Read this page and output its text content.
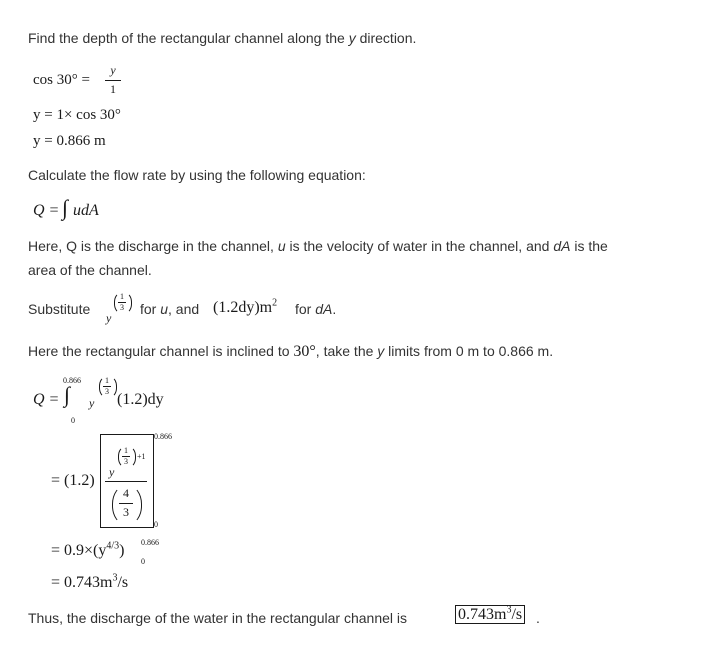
Find the depth of the rectangular channel along the y direction.
cos 30° =
y
1
y = 1× cos 30°
y = 0.866 m
Calculate the flow rate by using the following equation:
Q = ∫ udA
Here, Q is the discharge in the channel, u is the velocity of water in the channel, and dA is the
area of the channel.
Substitute
y
1
3 for u, and $(1.2dy)m^2$ for dA.
Here the rectangular channel is inclined to 30°, take the y limits from 0 m to 0.866 m.
0.866
Q = ∫
0
y
1
3 (1.2)dy
= (1.2)
0.866
0
y
1
3
+1
4
3
= $0.9\times(y^{4/3})$ 0.866
0
= $0.743m^3/s$
Thus, the discharge of the water in the rectangular channel is	$0.743m^3/s$ .
